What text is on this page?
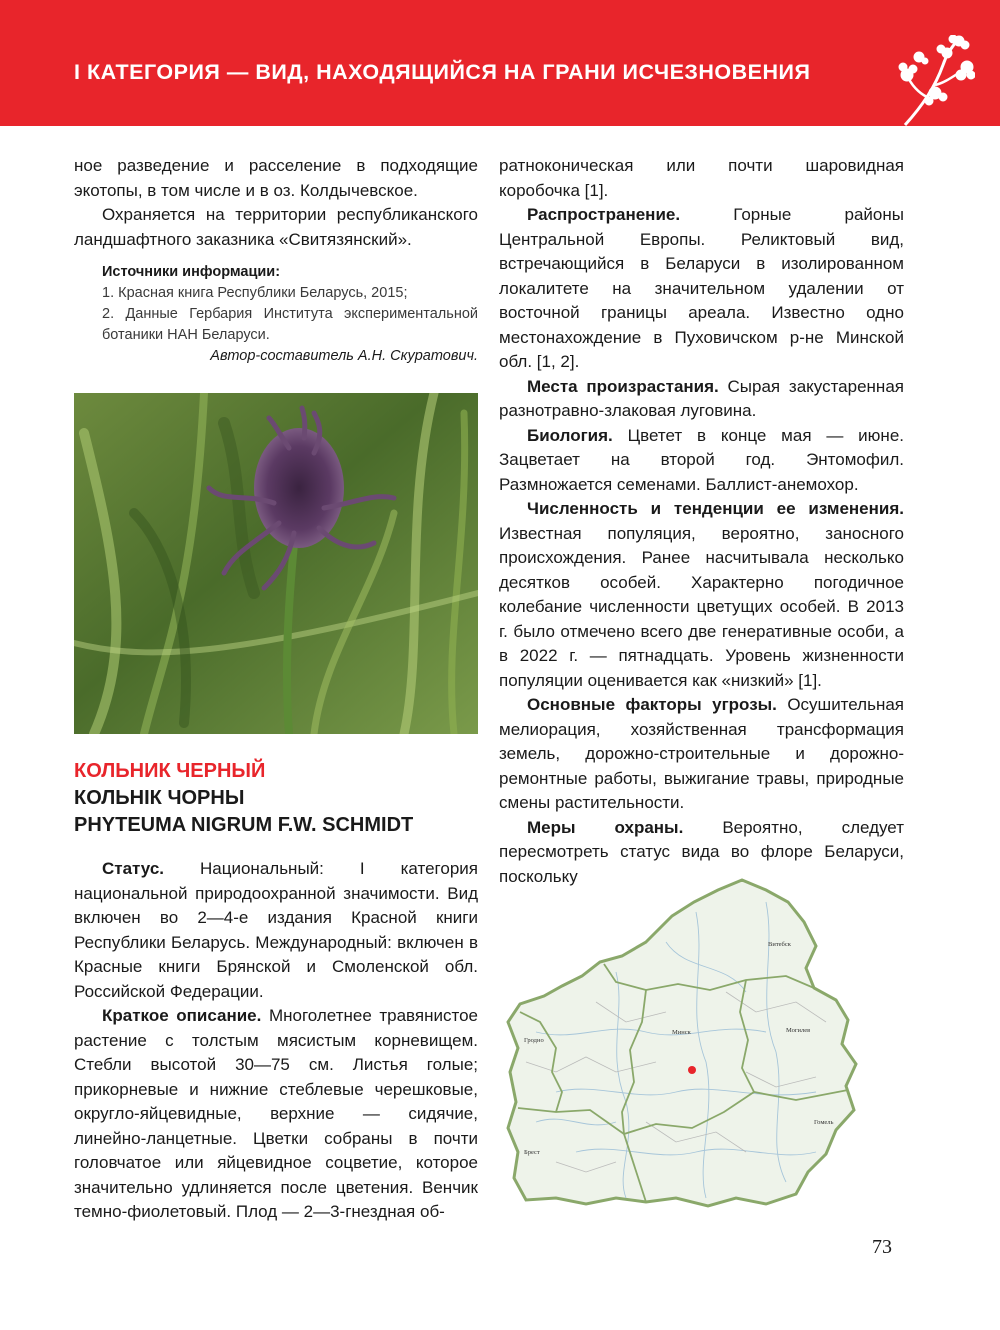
I КАТЕГОРИЯ — ВИД, НАХОДЯЩИЙСЯ НА ГРАНИ ИСЧЕЗНОВЕНИЯ

ное разведение и расселение в подходящие экотопы, в том числе и в оз. Колдычевское.

Охраняется на территории республиканского ландшафтного заказника «Свитязянский».

Источники информации:
1. Красная книга Республики Беларусь, 2015;
2. Данные Гербария Института экспериментальной ботаники НАН Беларуси.
Автор-составитель А.Н. Скуратович.
КОЛЬНИК ЧЕРНЫЙ
КОЛЬНІК ЧОРНЫ
PHYTEUMA NIGRUM F.W. SCHMIDT

Статус. Национальный: I категория национальной природоохранной значимости. Вид включен во 2—4-е издания Красной книги Республики Беларусь. Международный: включен в Красные книги Брянской и Смоленской обл. Российской Федерации.

Краткое описание. Многолетнее травянистое растение с толстым мясистым корневищем. Стебли высотой 30—75 см. Листья голые; прикорневые и нижние стеблевые черешковые, округло-яйцевидные, верхние — сидячие, линейно-ланцетные. Цветки собраны в почти головчатое или яйцевидное соцветие, которое значительно удлиняется после цветения. Венчик темно-фиолетовый. Плод — 2—3-гнездная об-

ратноконическая или почти шаровидная коробочка [1].

Распространение.	Горные районы Центральной Европы. Реликтовый вид, встречающийся в Беларуси в изолированном локалитете на значительном удалении от восточной границы ареала. Известно одно местонахождение в Пуховичском р-не Минской обл. [1, 2].

Места произрастания. Сырая закустаренная разнотравно-злаковая луговина.

Биология. Цветет в конце мая — июне. Зацветает на второй год. Энтомофил. Размножается семенами. Баллист-анемохор.

Численность и тенденции ее изменения. Известная популяция, вероятно, заносного происхождения. Ранее насчитывала несколько десятков особей. Характерно погодичное колебание численности цветущих особей. В 2013 г. было отмечено всего две генеративные особи, а в 2022 г. — пятнадцать. Уровень жизненности популяции оценивается как «низкий» [1].

Основные факторы угрозы. Осушительная мелиорация, хозяйственная трансформация земель, дорожно-строительные и дорожно-ремонтные работы, выжигание травы, природные смены растительности.

Меры охраны. Вероятно, следует пересмотреть статус вида во флоре Беларуси, поскольку

Витебск
Гродно
Минск	Могилев
Гомель
Брест
73
